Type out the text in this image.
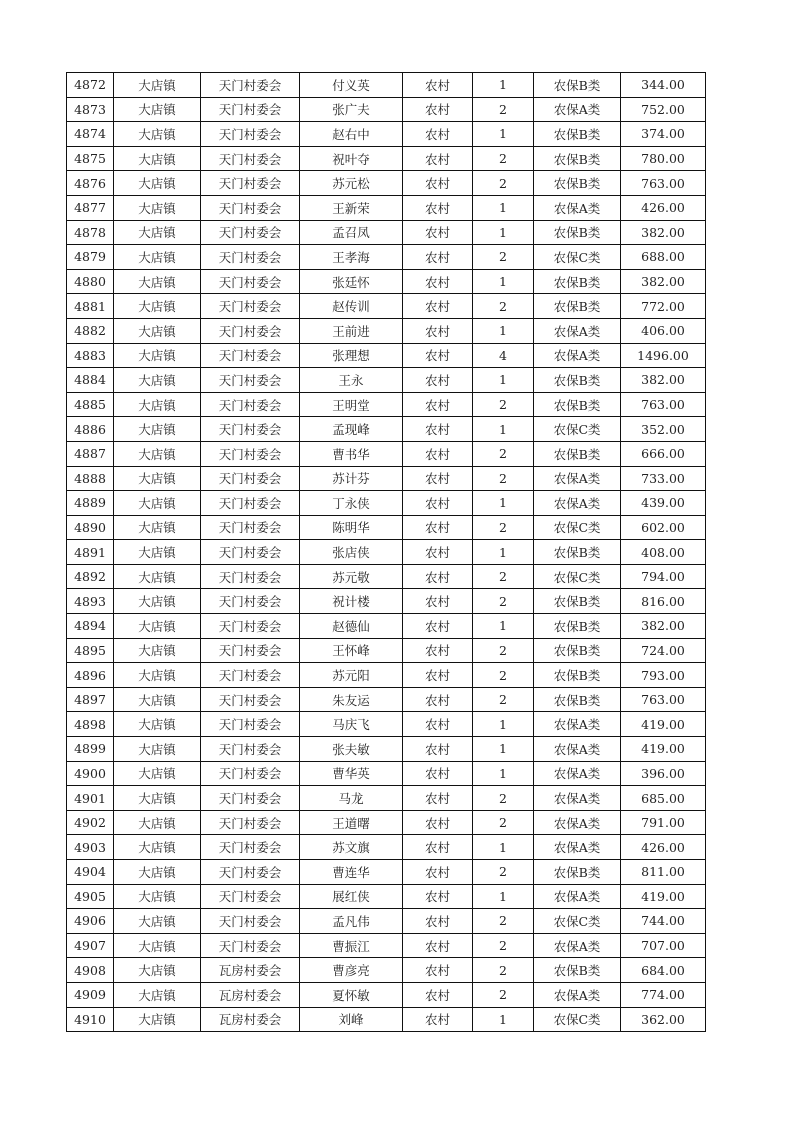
4872	大店镇	天门村委会	付义英	农村	1	农保B类	344.00
4873	大店镇	天门村委会	张广夫	农村	2	农保A类	752.00
4874	大店镇	天门村委会	赵右中	农村	1	农保B类	374.00
4875	大店镇	天门村委会	祝叶夺	农村	2	农保B类	780.00
4876	大店镇	天门村委会	苏元松	农村	2	农保B类	763.00
4877	大店镇	天门村委会	王新荣	农村	1	农保A类	426.00
4878	大店镇	天门村委会	孟召凤	农村	1	农保B类	382.00
4879	大店镇	天门村委会	王孝海	农村	2	农保C类	688.00
4880	大店镇	天门村委会	张廷怀	农村	1	农保B类	382.00
4881	大店镇	天门村委会	赵传训	农村	2	农保B类	772.00
4882	大店镇	天门村委会	王前进	农村	1	农保A类	406.00
4883	大店镇	天门村委会	张理想	农村	4	农保A类	1496.00
4884	大店镇	天门村委会	王永	农村	1	农保B类	382.00
4885	大店镇	天门村委会	王明堂	农村	2	农保B类	763.00
4886	大店镇	天门村委会	孟现峰	农村	1	农保C类	352.00
4887	大店镇	天门村委会	曹书华	农村	2	农保B类	666.00
4888	大店镇	天门村委会	苏计芬	农村	2	农保A类	733.00
4889	大店镇	天门村委会	丁永侠	农村	1	农保A类	439.00
4890	大店镇	天门村委会	陈明华	农村	2	农保C类	602.00
4891	大店镇	天门村委会	张店侠	农村	1	农保B类	408.00
4892	大店镇	天门村委会	苏元敬	农村	2	农保C类	794.00
4893	大店镇	天门村委会	祝计楼	农村	2	农保B类	816.00
4894	大店镇	天门村委会	赵德仙	农村	1	农保B类	382.00
4895	大店镇	天门村委会	王怀峰	农村	2	农保B类	724.00
4896	大店镇	天门村委会	苏元阳	农村	2	农保B类	793.00
4897	大店镇	天门村委会	朱友运	农村	2	农保B类	763.00
4898	大店镇	天门村委会	马庆飞	农村	1	农保A类	419.00
4899	大店镇	天门村委会	张夫敏	农村	1	农保A类	419.00
4900	大店镇	天门村委会	曹华英	农村	1	农保A类	396.00
4901	大店镇	天门村委会	马龙	农村	2	农保A类	685.00
4902	大店镇	天门村委会	王道曙	农村	2	农保A类	791.00
4903	大店镇	天门村委会	苏文旗	农村	1	农保A类	426.00
4904	大店镇	天门村委会	曹连华	农村	2	农保B类	811.00
4905	大店镇	天门村委会	展红侠	农村	1	农保A类	419.00
4906	大店镇	天门村委会	孟凡伟	农村	2	农保C类	744.00
4907	大店镇	天门村委会	曹振江	农村	2	农保A类	707.00
4908	大店镇	瓦房村委会	曹彦亮	农村	2	农保B类	684.00
4909	大店镇	瓦房村委会	夏怀敏	农村	2	农保A类	774.00
4910	大店镇	瓦房村委会	刘峰	农村	1	农保C类	362.00
